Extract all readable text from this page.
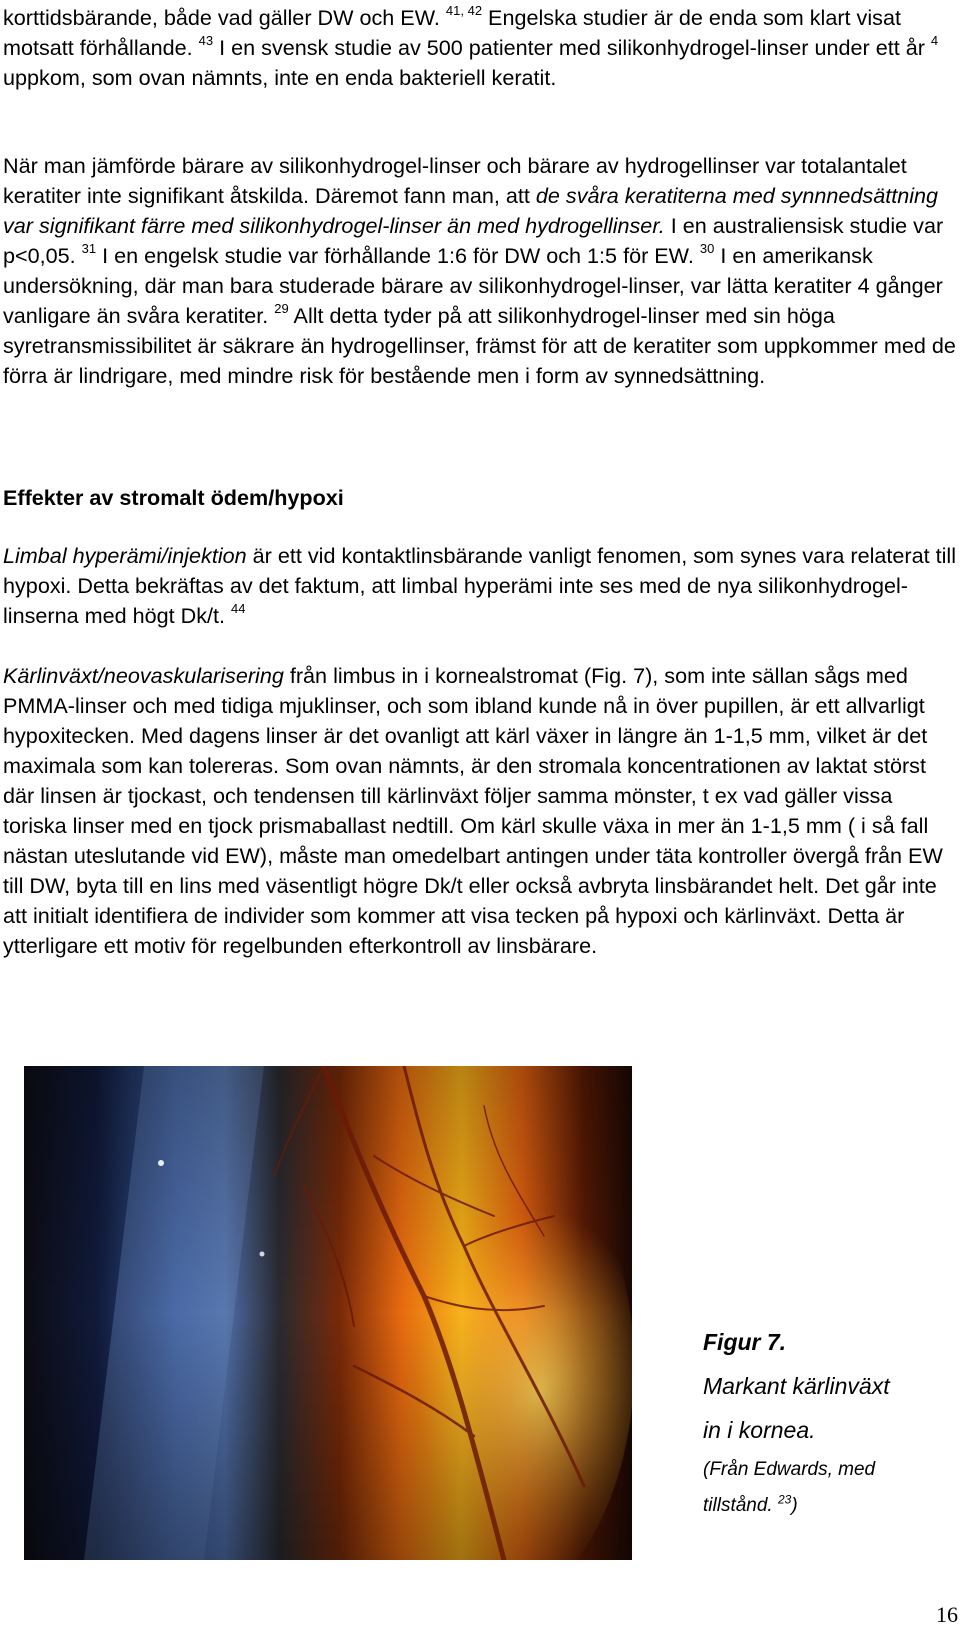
korttidsbärande, både vad gäller DW och EW. $^{41, 42}$ Engelska studier är de enda som klart visat motsatt förhållande. $^{43}$ I en svensk studie av 500 patienter med silikonhydrogel-linser under ett år $^4$ uppkom, som ovan nämnts, inte en enda bakteriell keratit.

När man jämförde bärare av silikonhydrogel-linser och bärare av hydrogellinser var totalantalet keratiter inte signifikant åtskilda. Däremot fann man, att de svåra keratiterna med synnnedsättning var signifikant färre med silikonhydrogel-linser än med hydrogellinser. I en australiensisk studie var p<0,05. $^{31}$ I en engelsk studie var förhållande 1:6 för DW och 1:5 för EW. $^{30}$ I en amerikansk undersökning, där man bara studerade bärare av silikonhydrogel-linser, var lätta keratiter 4 gånger vanligare än svåra keratiter. $^{29}$ Allt detta tyder på att silikonhydrogel-linser med sin höga syretransmissibilitet är säkrare än hydrogellinser, främst för att de keratiter som uppkommer med de förra är lindrigare, med mindre risk för bestående men i form av synnedsättning.

Effekter av stromalt ödem/hypoxi

Limbal hyperämi/injektion är ett vid kontaktlinsbärande vanligt fenomen, som synes vara relaterat till hypoxi. Detta bekräftas av det faktum, att limbal hyperämi inte ses med de nya silikonhydrogel-linserna med högt Dk/t. $^{44}$

Kärlinväxt/neovaskularisering från limbus in i kornealstromat (Fig. 7), som inte sällan sågs med PMMA-linser och med tidiga mjuklinser, och som ibland kunde nå in över pupillen, är ett allvarligt hypoxitecken. Med dagens linser är det ovanligt att kärl växer in längre än 1-1,5 mm, vilket är det maximala som kan tolereras. Som ovan nämnts, är den stromala koncentrationen av laktat störst där linsen är tjockast, och tendensen till kärlinväxt följer samma mönster, t ex vad gäller vissa toriska linser med en tjock prismaballast nedtill. Om kärl skulle växa in mer än 1-1,5 mm ( i så fall nästan uteslutande vid EW), måste man omedelbart antingen under täta kontroller övergå från EW till DW, byta till en lins med väsentligt högre Dk/t eller också avbryta linsbärandet helt. Det går inte att initialt identifiera de individer som kommer att visa tecken på hypoxi och kärlinväxt. Detta är ytterligare ett motiv för regelbunden efterkontroll av linsbärare.

Figur 7.
Markant kärlinväxt
in i kornea.
(Från Edwards, med
tillstånd. $^{23}$)
16
